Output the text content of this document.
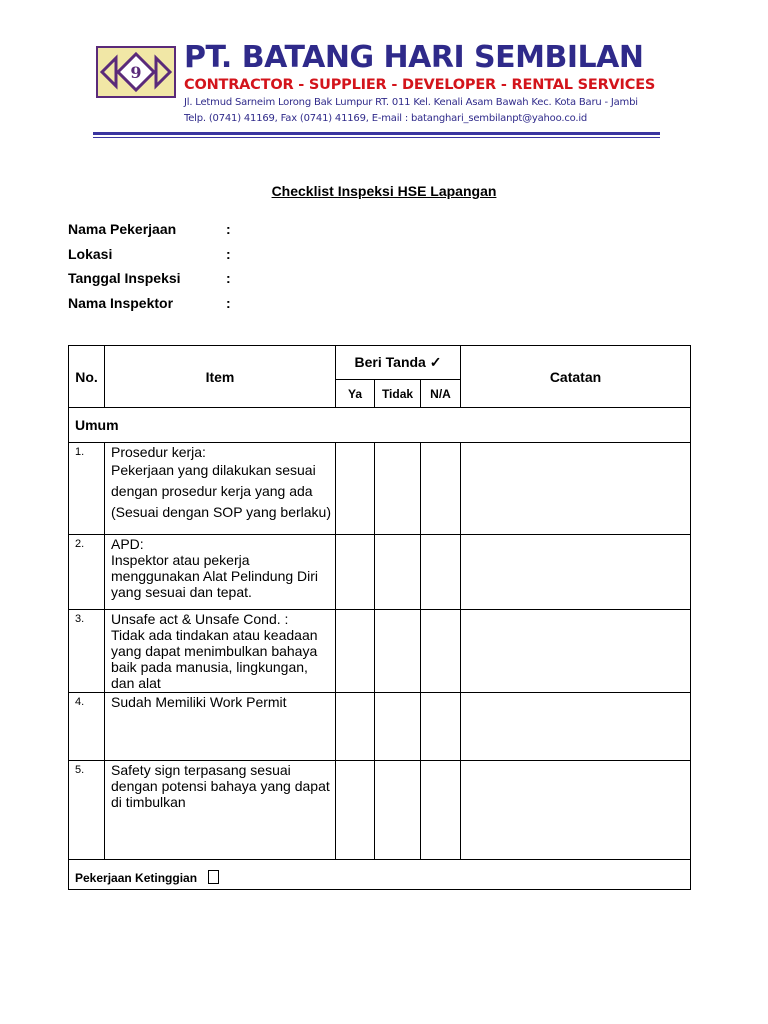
9 PT. BATANG HARI SEMBILAN
CONTRACTOR - SUPPLIER - DEVELOPER - RENTAL SERVICES
Jl. Letmud Sarneim Lorong Bak Lumpur RT. 011 Kel. Kenali Asam Bawah Kec. Kota Baru - Jambi
Telp. (0741) 41169, Fax (0741) 41169, E-mail : batanghari_sembilanpt@yahoo.co.id
Checklist Inspeksi HSE Lapangan
Nama Pekerjaan	:
Lokasi	:
Tanggal Inspeksi	:
Nama Inspektor	:
No.	Item	Beri Tanda ✓			Catatan
		Ya	Tidak	N/A	
Umum					
1.	Prosedur kerja:
Pekerjaan yang dilakukan sesuai
dengan prosedur kerja yang ada
(Sesuai dengan SOP yang berlaku)				

2.	APD:
Inspektor atau pekerja
menggunakan Alat Pelindung Diri
yang sesuai dan tepat.				

3.	Unsafe act & Unsafe Cond. :
Tidak ada tindakan atau keadaan
yang dapat menimbulkan bahaya
baik pada manusia, lingkungan,
dan alat				

4.	Sudah Memiliki Work Permit				

5.	Safety sign terpasang sesuai
dengan potensi bahaya yang dapat
di timbulkan				

Pekerjaan Ketinggian					
